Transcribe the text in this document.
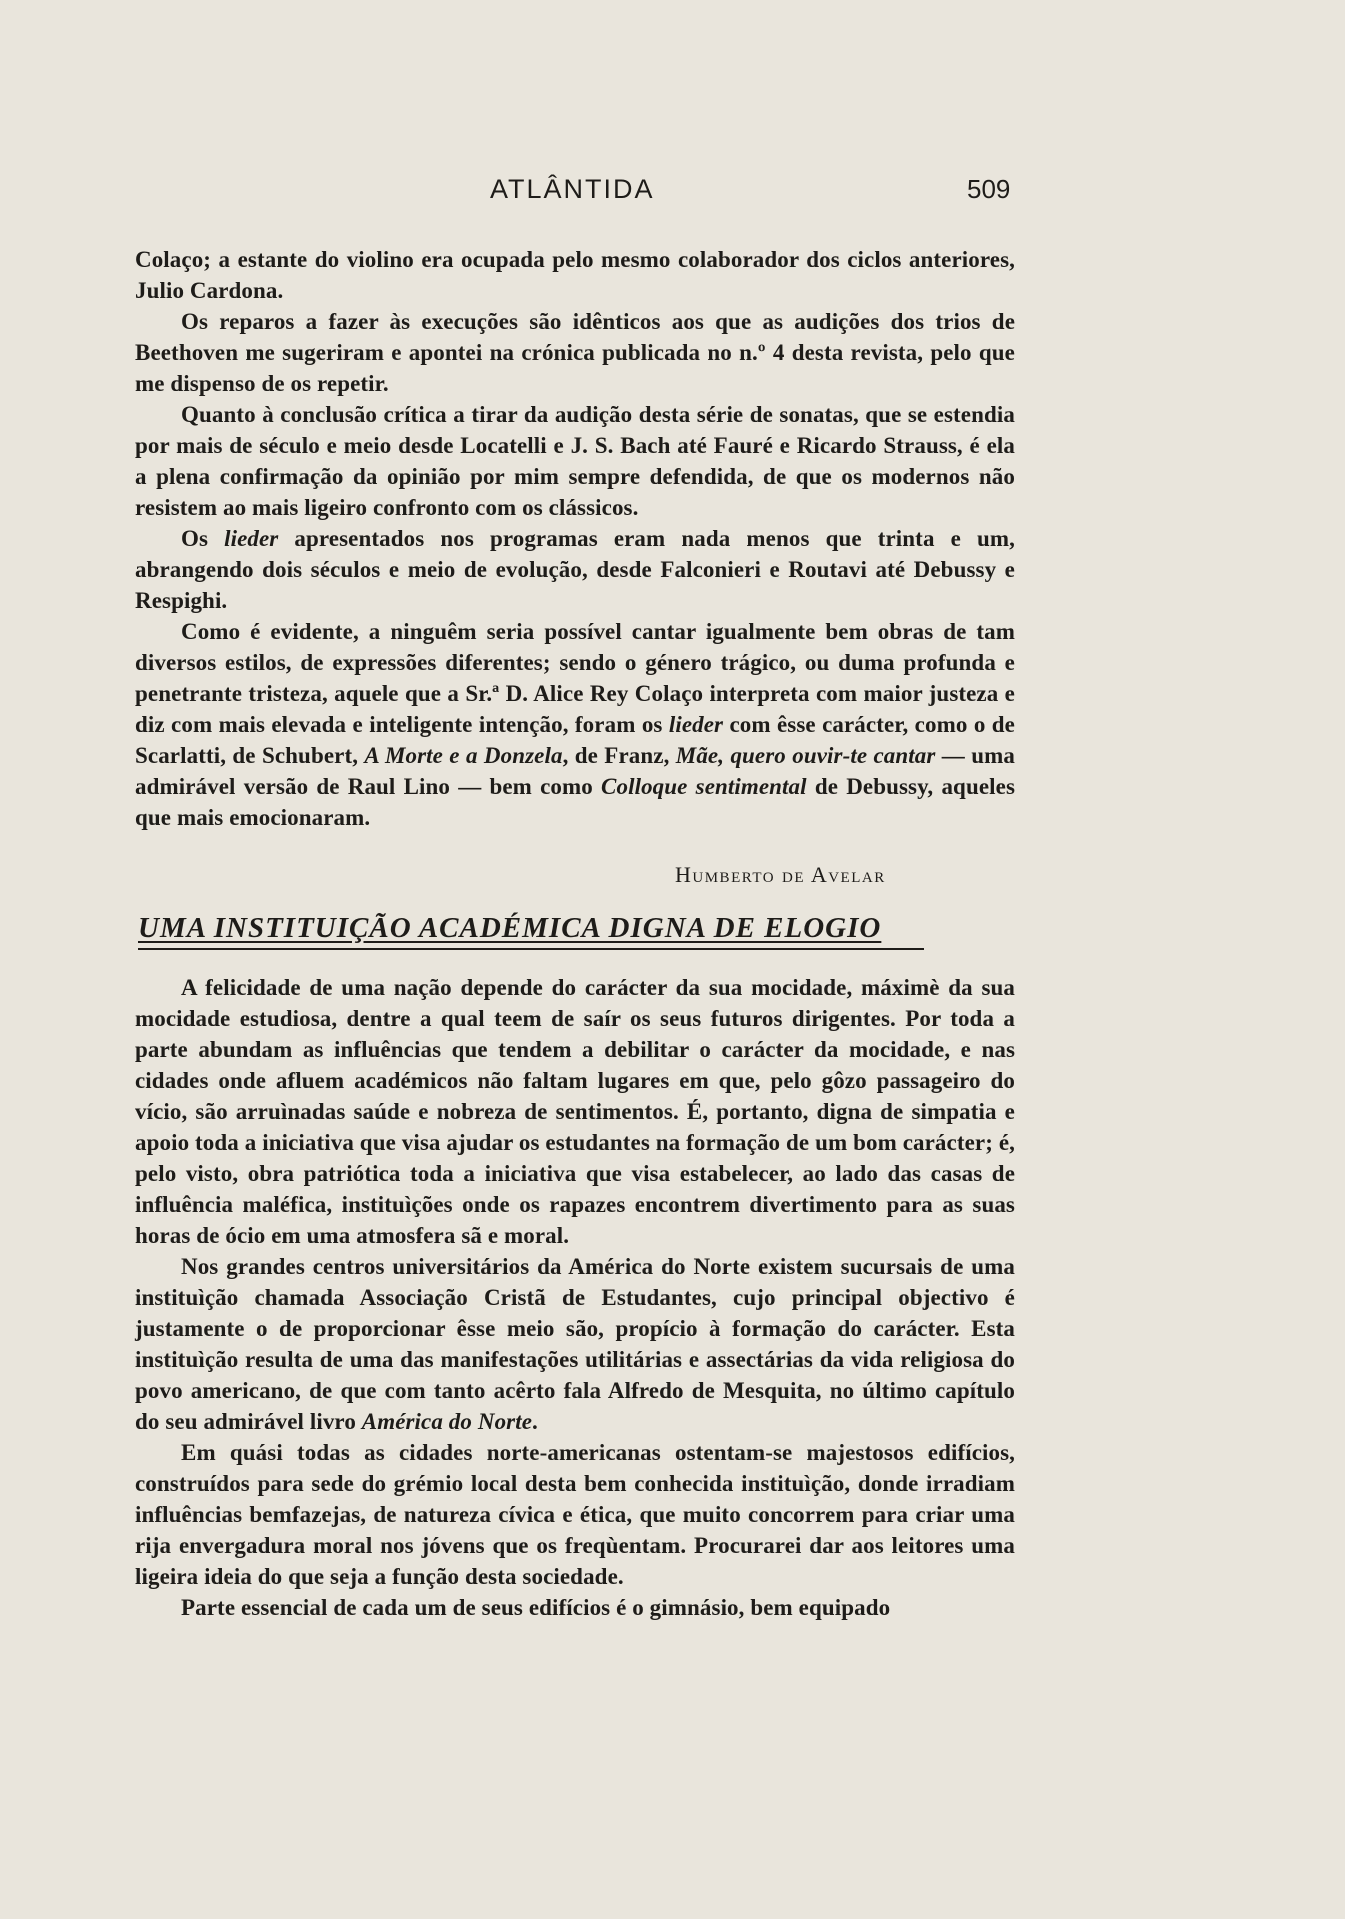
ATLÂNTIDA	509

Colaço; a estante do violino era ocupada pelo mesmo colaborador dos ciclos anteriores, Julio Cardona.

Os reparos a fazer às execuções são idênticos aos que as audições dos trios de Beethoven me sugeriram e apontei na crónica publicada no n.º 4 desta revista, pelo que me dispenso de os repetir.

Quanto à conclusão crítica a tirar da audição desta série de sonatas, que se estendia por mais de século e meio desde Locatelli e J. S. Bach até Fauré e Ricardo Strauss, é ela a plena confirmação da opinião por mim sempre defendida, de que os modernos não resistem ao mais ligeiro confronto com os clássicos.

Os lieder apresentados nos programas eram nada menos que trinta e um, abrangendo dois séculos e meio de evolução, desde Falconieri e Routavi até Debussy e Respighi.

Como é evidente, a ninguêm seria possível cantar igualmente bem obras de tam diversos estilos, de expressões diferentes; sendo o género trágico, ou duma profunda e penetrante tristeza, aquele que a Sr.ª D. Alice Rey Colaço interpreta com maior justeza e diz com mais elevada e inteligente intenção, foram os lieder com êsse carácter, como o de Scarlatti, de Schubert, A Morte e a Donzela, de Franz, Mãe, quero ouvir-te cantar — uma admirável versão de Raul Lino — bem como Colloque sentimental de Debussy, aqueles que mais emocionaram.

Humberto de Avelar
UMA INSTITUIÇÃO ACADÉMICA DIGNA DE ELOGIO

A felicidade de uma nação depende do carácter da sua mocidade, máximè da sua mocidade estudiosa, dentre a qual teem de saír os seus futuros dirigentes. Por toda a parte abundam as influências que tendem a debilitar o carácter da mocidade, e nas cidades onde afluem académicos não faltam lugares em que, pelo gôzo passageiro do vício, são arruìnadas saúde e nobreza de sentimentos. É, portanto, digna de simpatia e apoio toda a iniciativa que visa ajudar os estudantes na formação de um bom carácter; é, pelo visto, obra patriótica toda a iniciativa que visa estabelecer, ao lado das casas de influência maléfica, instituìções onde os rapazes encontrem divertimento para as suas horas de ócio em uma atmosfera sã e moral.

Nos grandes centros universitários da América do Norte existem sucursais de uma instituìção chamada Associação Cristã de Estudantes, cujo principal objectivo é justamente o de proporcionar êsse meio são, propício à formação do carácter. Esta instituìção resulta de uma das manifestações utilitárias e assectárias da vida religiosa do povo americano, de que com tanto acêrto fala Alfredo de Mesquita, no último capítulo do seu admirável livro América do Norte.

Em quási todas as cidades norte-americanas ostentam-se majestosos edifícios, construídos para sede do grémio local desta bem conhecida instituìção, donde irradiam influências bemfazejas, de natureza cívica e ética, que muito concorrem para criar uma rija envergadura moral nos jóvens que os freqùentam. Procurarei dar aos leitores uma ligeira ideia do que seja a função desta sociedade.

Parte essencial de cada um de seus edifícios é o gimnásio, bem equipado
